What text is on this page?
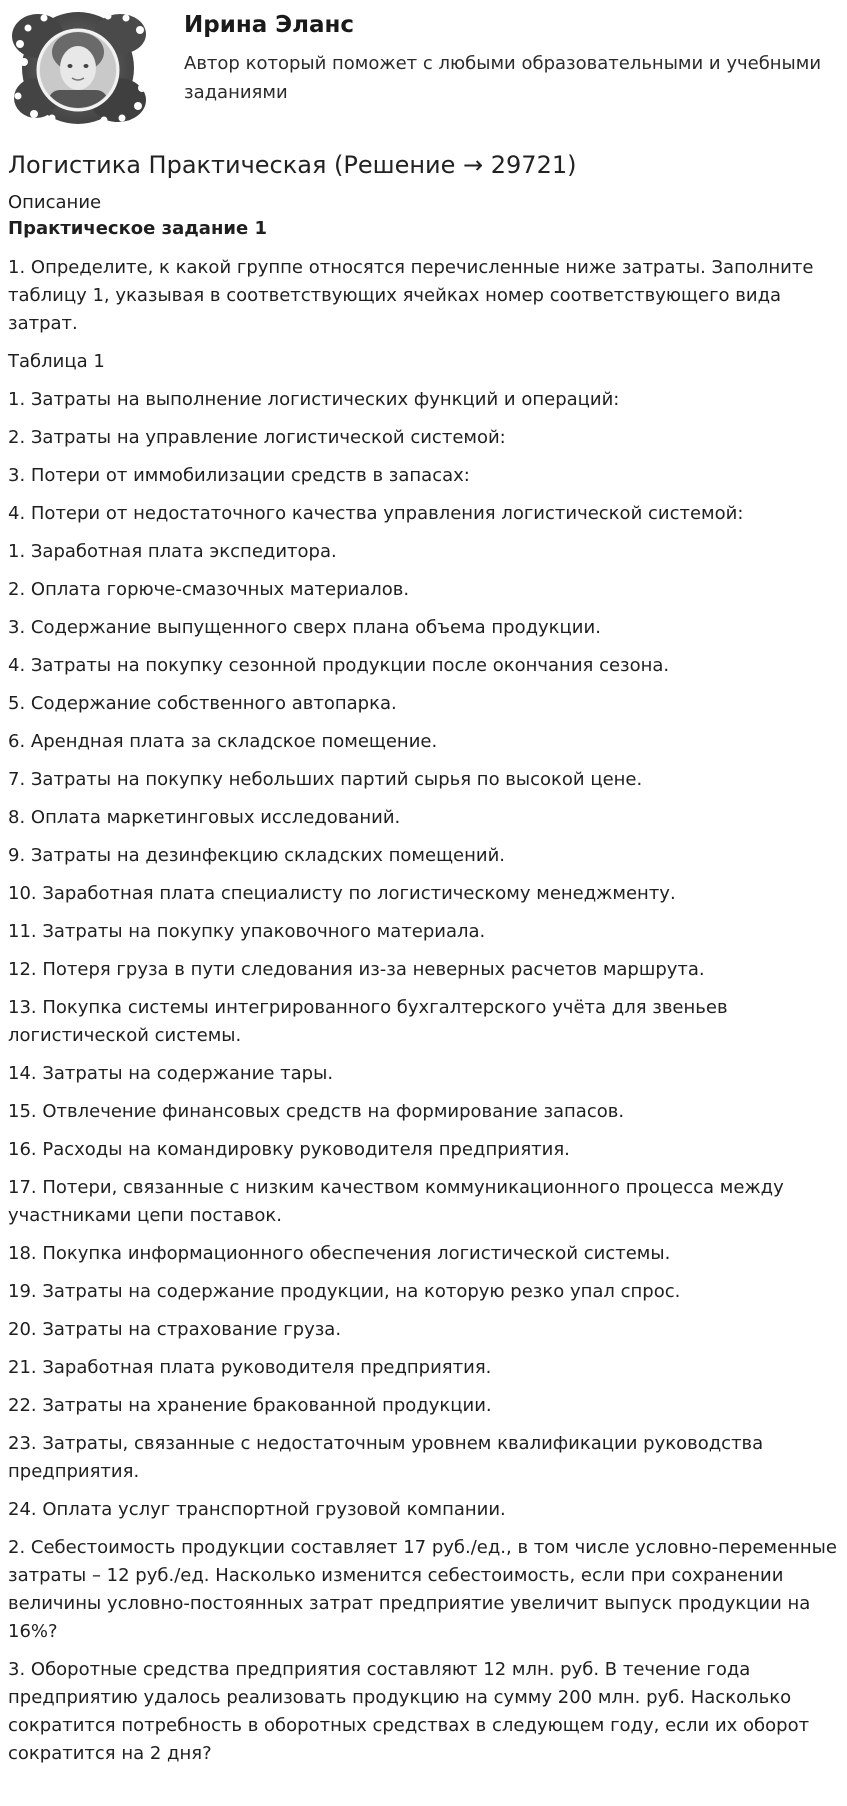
Ирина Эланс
Автор который поможет с любыми образовательными и учебными заданиями
Логистика Практическая (Решение → 29721)
Описание
Практическое задание 1
1. Определите, к какой группе относятся перечисленные ниже затраты. Заполните таблицу 1, указывая в соответствующих ячейках номер соответствующего вида затрат.
Таблица 1
1. Затраты на выполнение логистических функций и операций:
2. Затраты на управление логистической системой:
3. Потери от иммобилизации средств в запасах:
4. Потери от недостаточного качества управления логистической системой:
1. Заработная плата экспедитора.
2. Оплата горюче-смазочных материалов.
3. Содержание выпущенного сверх плана объема продукции.
4. Затраты на покупку сезонной продукции после окончания сезона.
5. Содержание собственного автопарка.
6. Арендная плата за складское помещение.
7. Затраты на покупку небольших партий сырья по высокой цене.
8. Оплата маркетинговых исследований.
9. Затраты на дезинфекцию складских помещений.
10. Заработная плата специалисту по логистическому менеджменту.
11. Затраты на покупку упаковочного материала.
12. Потеря груза в пути следования из-за неверных расчетов маршрута.
13. Покупка системы интегрированного бухгалтерского учёта для звеньев логистической системы.
14. Затраты на содержание тары.
15. Отвлечение финансовых средств на формирование запасов.
16. Расходы на командировку руководителя предприятия.
17. Потери, связанные с низким качеством коммуникационного процесса между участниками цепи поставок.
18. Покупка информационного обеспечения логистической системы.
19. Затраты на содержание продукции, на которую резко упал спрос.
20. Затраты на страхование груза.
21. Заработная плата руководителя предприятия.
22. Затраты на хранение бракованной продукции.
23. Затраты, связанные с недостаточным уровнем квалификации руководства предприятия.
24. Оплата услуг транспортной грузовой компании.
2. Себестоимость продукции составляет 17 руб./ед., в том числе условно-переменные затраты – 12 руб./ед. Насколько изменится себестоимость, если при сохранении величины условно-постоянных затрат предприятие увеличит выпуск продукции на 16%?
3. Оборотные средства предприятия составляют 12 млн. руб. В течение года предприятию удалось реализовать продукцию на сумму 200 млн. руб. Насколько сократится потребность в оборотных средствах в следующем году, если их оборот сократится на 2 дня?
